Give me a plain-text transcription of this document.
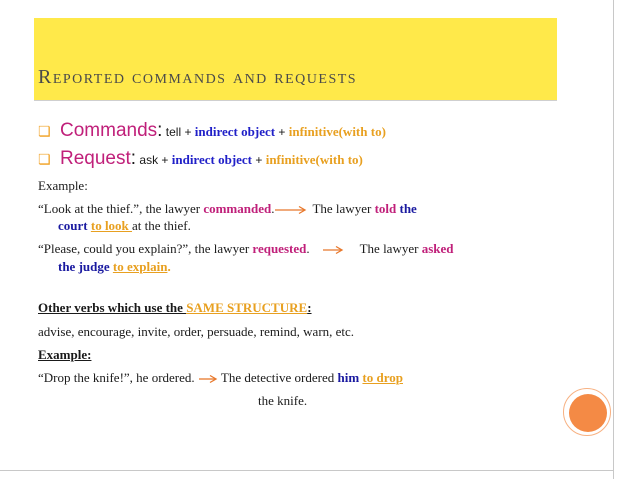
Reported commands and requests
❏ Commands: tell + indirect object + infinitive(with to)
❏ Request: ask + indirect object + infinitive(with to)
Example:
“Look at the thief.”, the lawyer commanded.	The lawyer told the
court to look at the thief.
“Please, could you explain?”, the lawyer requested.	The lawyer asked
the judge to explain.
Other verbs which use the SAME STRUCTURE:
advise, encourage, invite, order, persuade, remind, warn, etc.
Example:
“Drop the knife!”, he ordered.  The detective ordered him to drop
the knife.
